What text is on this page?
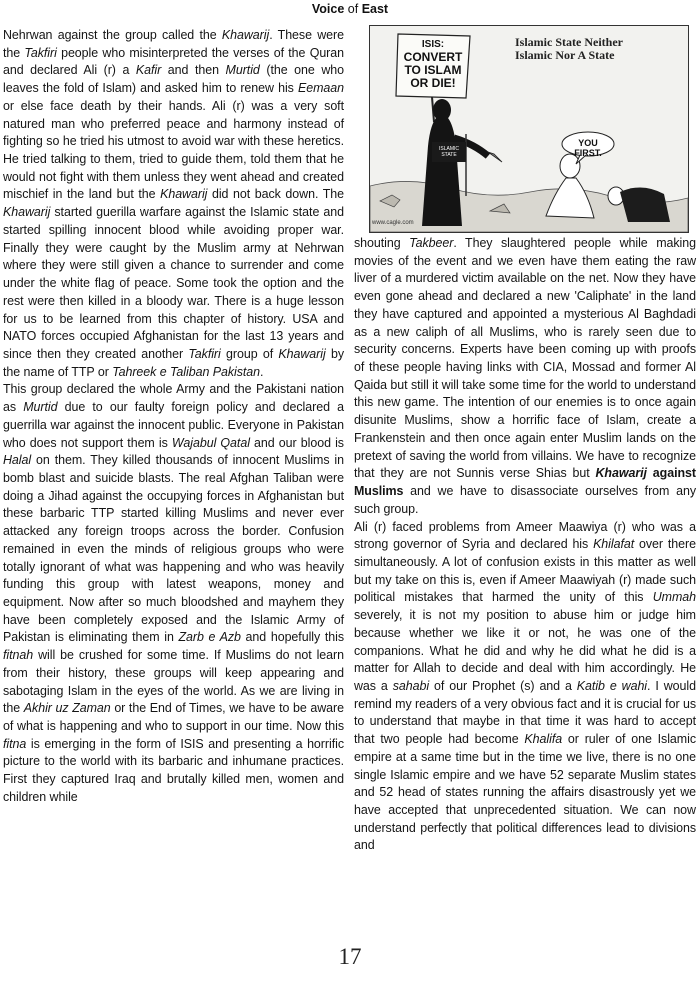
Voice of East

Nehrwan against the group called the Khawarij. These were the Takfiri people who misinterpreted the verses of the Quran and declared Ali (r) a Kafir and then Murtid (the one who leaves the fold of Islam) and asked him to renew his Eemaan or else face death by their hands. Ali (r) was a very soft natured man who preferred peace and harmony instead of fighting so he tried his utmost to avoid war with these heretics. He tried talking to them, tried to guide them, told them that he would not fight with them unless they went ahead and created mischief in the land but the Khawarij did not back down. The Khawarij started guerilla warfare against the Islamic state and started spilling innocent blood while avoiding proper war. Finally they were caught by the Muslim army at Nehrwan where they were still given a chance to surrender and come under the white flag of peace. Some took the option and the rest were then killed in a bloody war. There is a huge lesson for us to be learned from this chapter of history. USA and NATO forces occupied Afghanistan for the last 13 years and since then they created another Takfiri group of Khawarij by the name of TTP or Tahreek e Taliban Pakistan.

This group declared the whole Army and the Pakistani nation as Murtid due to our faulty foreign policy and declared a guerrilla war against the innocent public. Everyone in Pakistan who does not support them is Wajabul Qatal and our blood is Halal on them. They killed thousands of innocent Muslims in bomb blast and suicide blasts. The real Afghan Taliban were doing a Jihad against the occupying forces in Afghanistan but these barbaric TTP started killing Muslims and never ever attacked any foreign troops across the border. Confusion remained in even the minds of religious groups who were totally ignorant of what was happening and who was heavily funding this group with latest weapons, money and equipment. Now after so much bloodshed and mayhem they have been completely exposed and the Islamic Army of Pakistan is eliminating them in Zarb e Azb and hopefully this fitnah will be crushed for some time. If Muslims do not learn from their history, these groups will keep appearing and sabotaging Islam in the eyes of the world. As we are living in the Akhir uz Zaman or the End of Times, we have to be aware of what is happening and who to support in our time. Now this fitna is emerging in the form of ISIS and presenting a horrific picture to the world with its barbaric and inhumane practices. First they captured Iraq and brutally killed men, women and children while

Islamic State Neither
Islamic Nor A State
ISIS:
CONVERT
TO ISLAM
OR DIE!
ISLAMIC STATE
YOU FIRST.
www.cagle.com

shouting Takbeer. They slaughtered people while making movies of the event and we even have them eating the raw liver of a murdered victim available on the net. Now they have even gone ahead and declared a new 'Caliphate' in the land they have captured and appointed a mysterious Al Baghdadi as a new caliph of all Muslims, who is rarely seen due to security concerns. Experts have been coming up with proofs of these people having links with CIA, Mossad and former Al Qaida but still it will take some time for the world to understand this new game. The intention of our enemies is to once again disunite Muslims, show a horrific face of Islam, create a Frankenstein and then once again enter Muslim lands on the pretext of saving the world from villains. We have to recognize that they are not Sunnis verse Shias but Khawarij against Muslims and we have to disassociate ourselves from any such group.

Ali (r) faced problems from Ameer Maawiya (r) who was a strong governor of Syria and declared his Khilafat over there simultaneously. A lot of confusion exists in this matter as well but my take on this is, even if Ameer Maawiyah (r) made such political mistakes that harmed the unity of this Ummah severely, it is not my position to abuse him or judge him because whether we like it or not, he was one of the companions. What he did and why he did what he did is a matter for Allah to decide and deal with him accordingly. He was a sahabi of our Prophet (s) and a Katib e wahi. I would remind my readers of a very obvious fact and it is crucial for us to understand that maybe in that time it was hard to accept that two people had become Khalifa or ruler of one Islamic empire at a same time but in the time we live, there is no one single Islamic empire and we have 52 separate Muslim states and 52 head of states running the affairs disastrously yet we have accepted that unprecedented situation. We can now understand perfectly that political differences lead to divisions and

17
